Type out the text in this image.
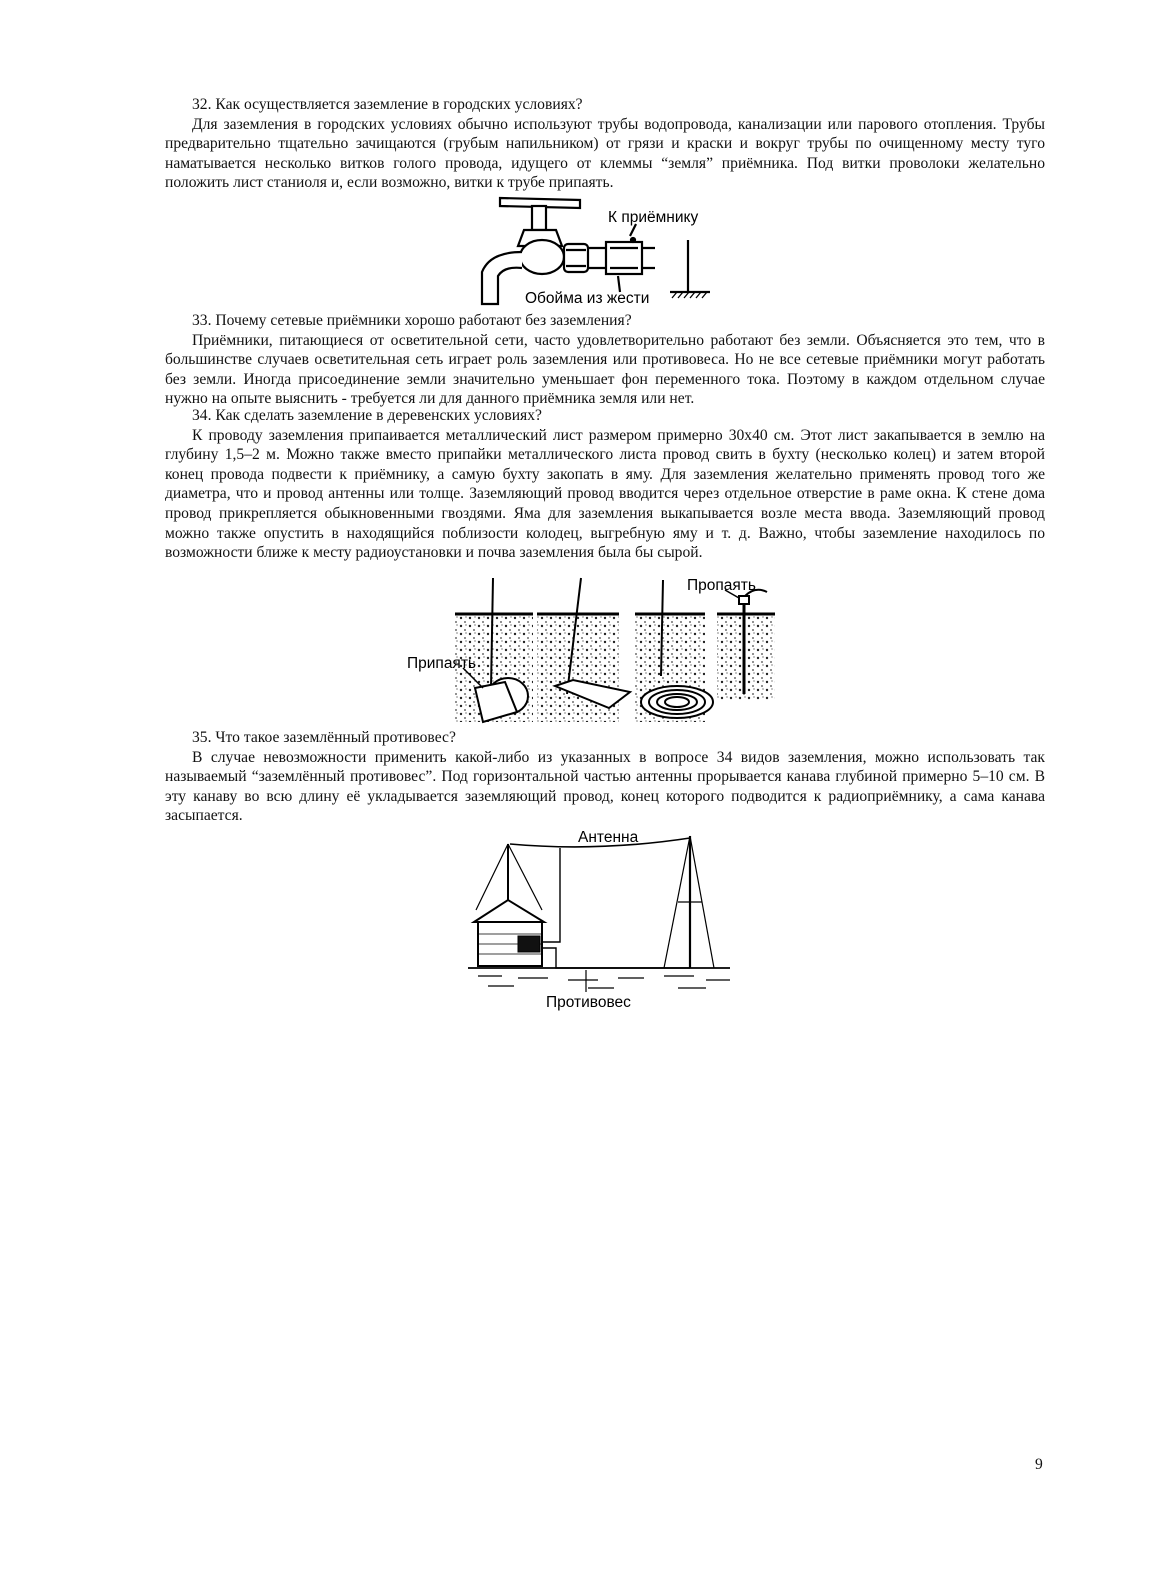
32. Как осуществляется заземление в городских условиях?

Для заземления в городских условиях обычно используют трубы водопровода, канализации или парового отопления. Трубы предварительно тщательно зачищаются (грубым напильником) от грязи и краски и вокруг трубы по очищенному месту туго наматывается несколько витков голого провода, идущего от клеммы “земля” приёмника. Под витки проволоки желательно положить лист станиоля и, если возможно, витки к трубе припаять.

К приёмнику
Обойма из жести

33. Почему сетевые приёмники хорошо работают без заземления?

Приёмники, питающиеся от осветительной сети, часто удовлетворительно работают без земли. Объясняется это тем, что в большинстве случаев осветительная сеть играет роль заземления или противовеса. Но не все сетевые приёмники могут работать без земли. Иногда присоединение земли значительно уменьшает фон переменного тока. Поэтому в каждом отдельном случае нужно на опыте выяснить - требуется ли для данного приёмника земля или нет.

34. Как сделать заземление в деревенских условиях?

К проводу заземления припаивается металлический лист размером примерно 30х40 см. Этот лист закапывается в землю на глубину 1,5–2 м. Можно также вместо припайки металлического листа провод свить в бухту (несколько колец) и затем второй конец провода подвести к приёмнику, а самую бухту закопать в яму. Для заземления желательно применять провод того же диаметра, что и провод антенны или толще. Заземляющий провод вводится через отдельное отверстие в раме окна. К стене дома провод прикрепляется обыкновенными гвоздями. Яма для заземления выкапывается возле места ввода. Заземляющий провод можно также опустить в находящийся поблизости колодец, выгребную яму и т. д. Важно, чтобы заземление находилось по возможности ближе к месту радиоустановки и почва заземления была бы сырой.

Припаять
Пропаять

35. Что такое заземлённый противовес?

В случае невозможности применить какой-либо из указанных в вопросе 34 видов заземления, можно использовать так называемый “заземлённый противовес”. Под горизонтальной частью антенны прорывается канава глубиной примерно 5–10 см. В эту канаву во всю длину её укладывается заземляющий провод, конец которого подводится к радиоприёмнику, а сама канава засыпается.

Антенна
Противовес
9
